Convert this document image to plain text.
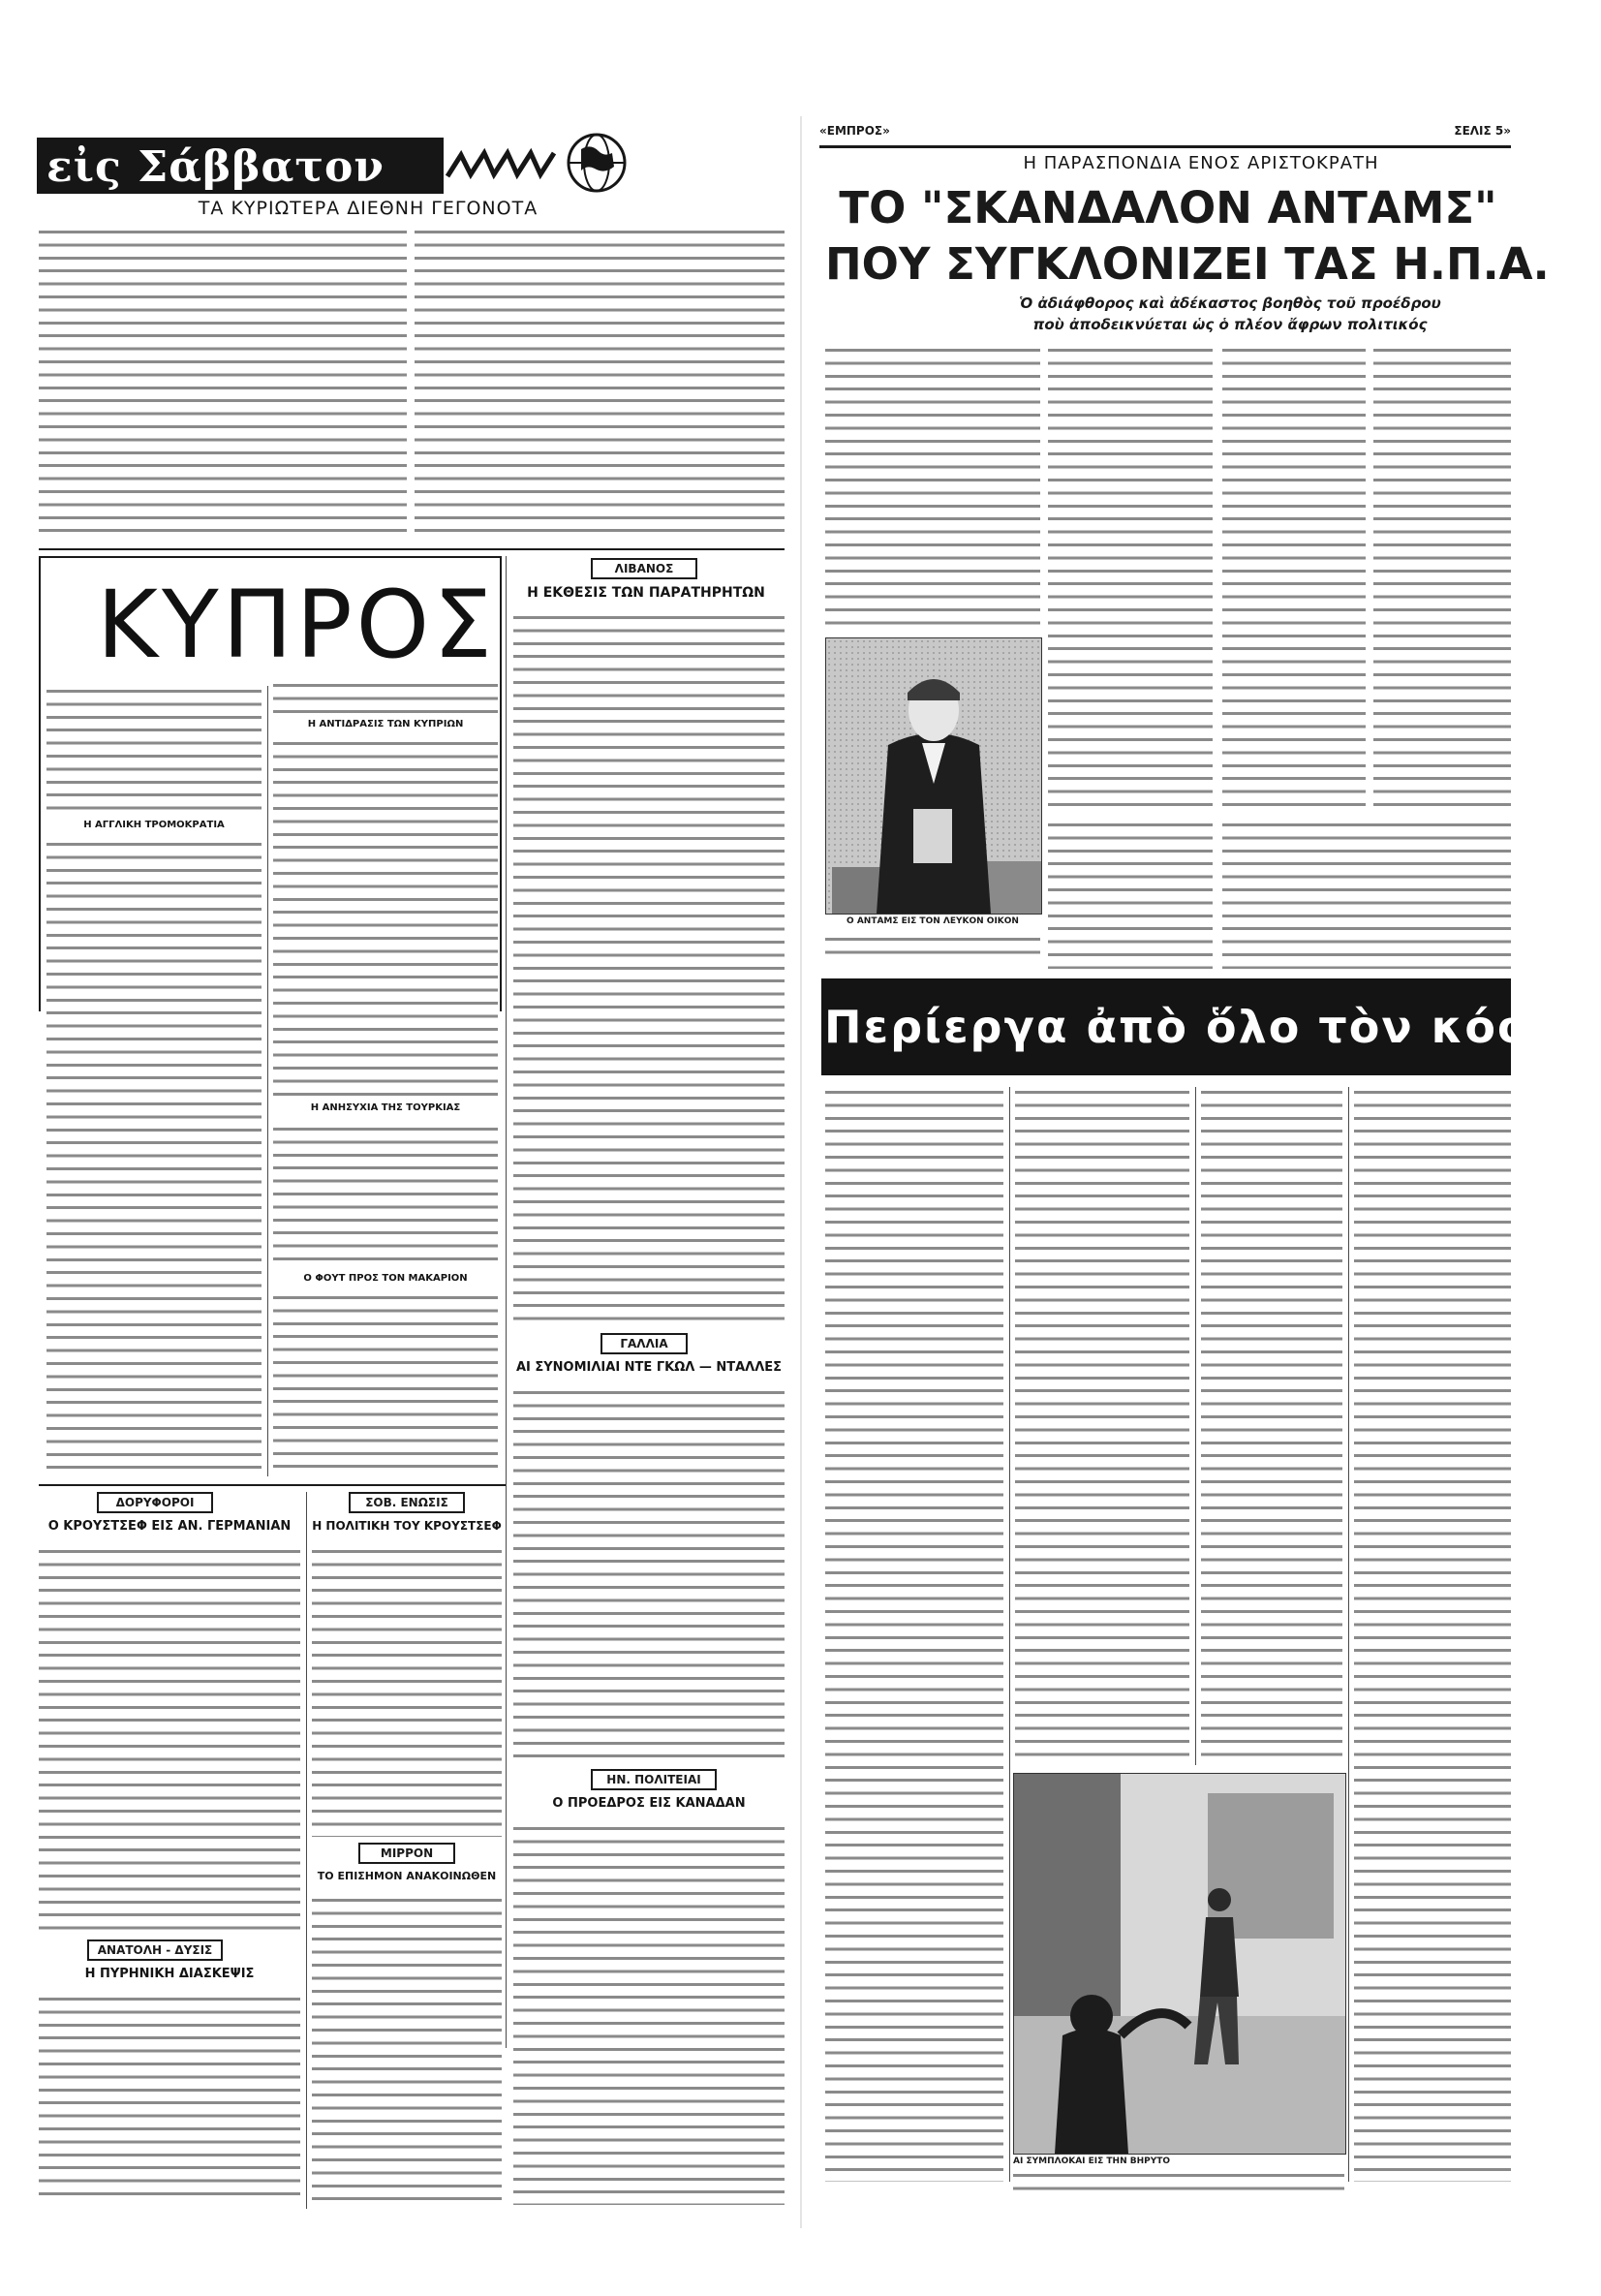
εἰς Σάββατον
ΤΑ ΚΥΡΙΩΤΕΡΑ ΔΙΕΘΝΗ ΓΕΓΟΝΟΤΑ
ΚΥΠΡΟΣ
Η ΑΓΓΛΙΚΗ ΤΡΟΜΟΚΡΑΤΙΑ
Η ΑΝΤΙΔΡΑΣΙΣ ΤΩΝ ΚΥΠΡΙΩΝ
Η ΑΝΗΣΥΧΙΑ ΤΗΣ ΤΟΥΡΚΙΑΣ
Ο ΦΟΥΤ ΠΡΟΣ ΤΟΝ ΜΑΚΑΡΙΟΝ
ΛΙΒΑΝΟΣ
Η ΕΚΘΕΣΙΣ ΤΩΝ ΠΑΡΑΤΗΡΗΤΩΝ
ΓΑΛΛΙΑ
ΑΙ ΣΥΝΟΜΙΛΙΑΙ ΝΤΕ ΓΚΩΛ — ΝΤΑΛΛΕΣ
ΔΟΡΥΦΟΡΟΙ
Ο ΚΡΟΥΣΤΣΕΦ ΕΙΣ ΑΝ. ΓΕΡΜΑΝΙΑΝ
ΣΟΒ. ΕΝΩΣΙΣ
Η ΠΟΛΙΤΙΚΗ ΤΟΥ ΚΡΟΥΣΤΣΕΦ
ΜΙΡΡΟΝ
ΤΟ ΕΠΙΣΗΜΟΝ ΑΝΑΚΟΙΝΩΘΕΝ
ΑΝΑΤΟΛΗ - ΔΥΣΙΣ
Η ΠΥΡΗΝΙΚΗ ΔΙΑΣΚΕΨΙΣ
ΗΝ. ΠΟΛΙΤΕΙΑΙ
Ο ΠΡΟΕΔΡΟΣ ΕΙΣ ΚΑΝΑΔΑΝ
«ΕΜΠΡΟΣ»	ΣΕΛΙΣ 5»
Η ΠΑΡΑΣΠΟΝΔΙΑ ΕΝΟΣ ΑΡΙΣΤΟΚΡΑΤΗ
ΤΟ "ΣΚΑΝΔΑΛΟΝ ΑΝΤΑΜΣ"
ΠΟΥ ΣΥΓΚΛΟΝΙΖΕΙ ΤΑΣ Η.Π.Α.
Ὁ ἀδιάφθορος καὶ ἀδέκαστος βοηθὸς τοῦ προέδρου ποὺ ἀποδεικνύεται ὡς ὁ πλέον ἄφρων πολιτικός
Ο ΑΝΤΑΜΣ ΕΙΣ ΤΟΝ ΛΕΥΚΟΝ ΟΙΚΟΝ
Περίεργα ἀπὸ ὅλο τὸν κόσμο
ΑΙ ΣΥΜΠΛΟΚΑΙ ΕΙΣ ΤΗΝ ΒΗΡΥΤΟ
